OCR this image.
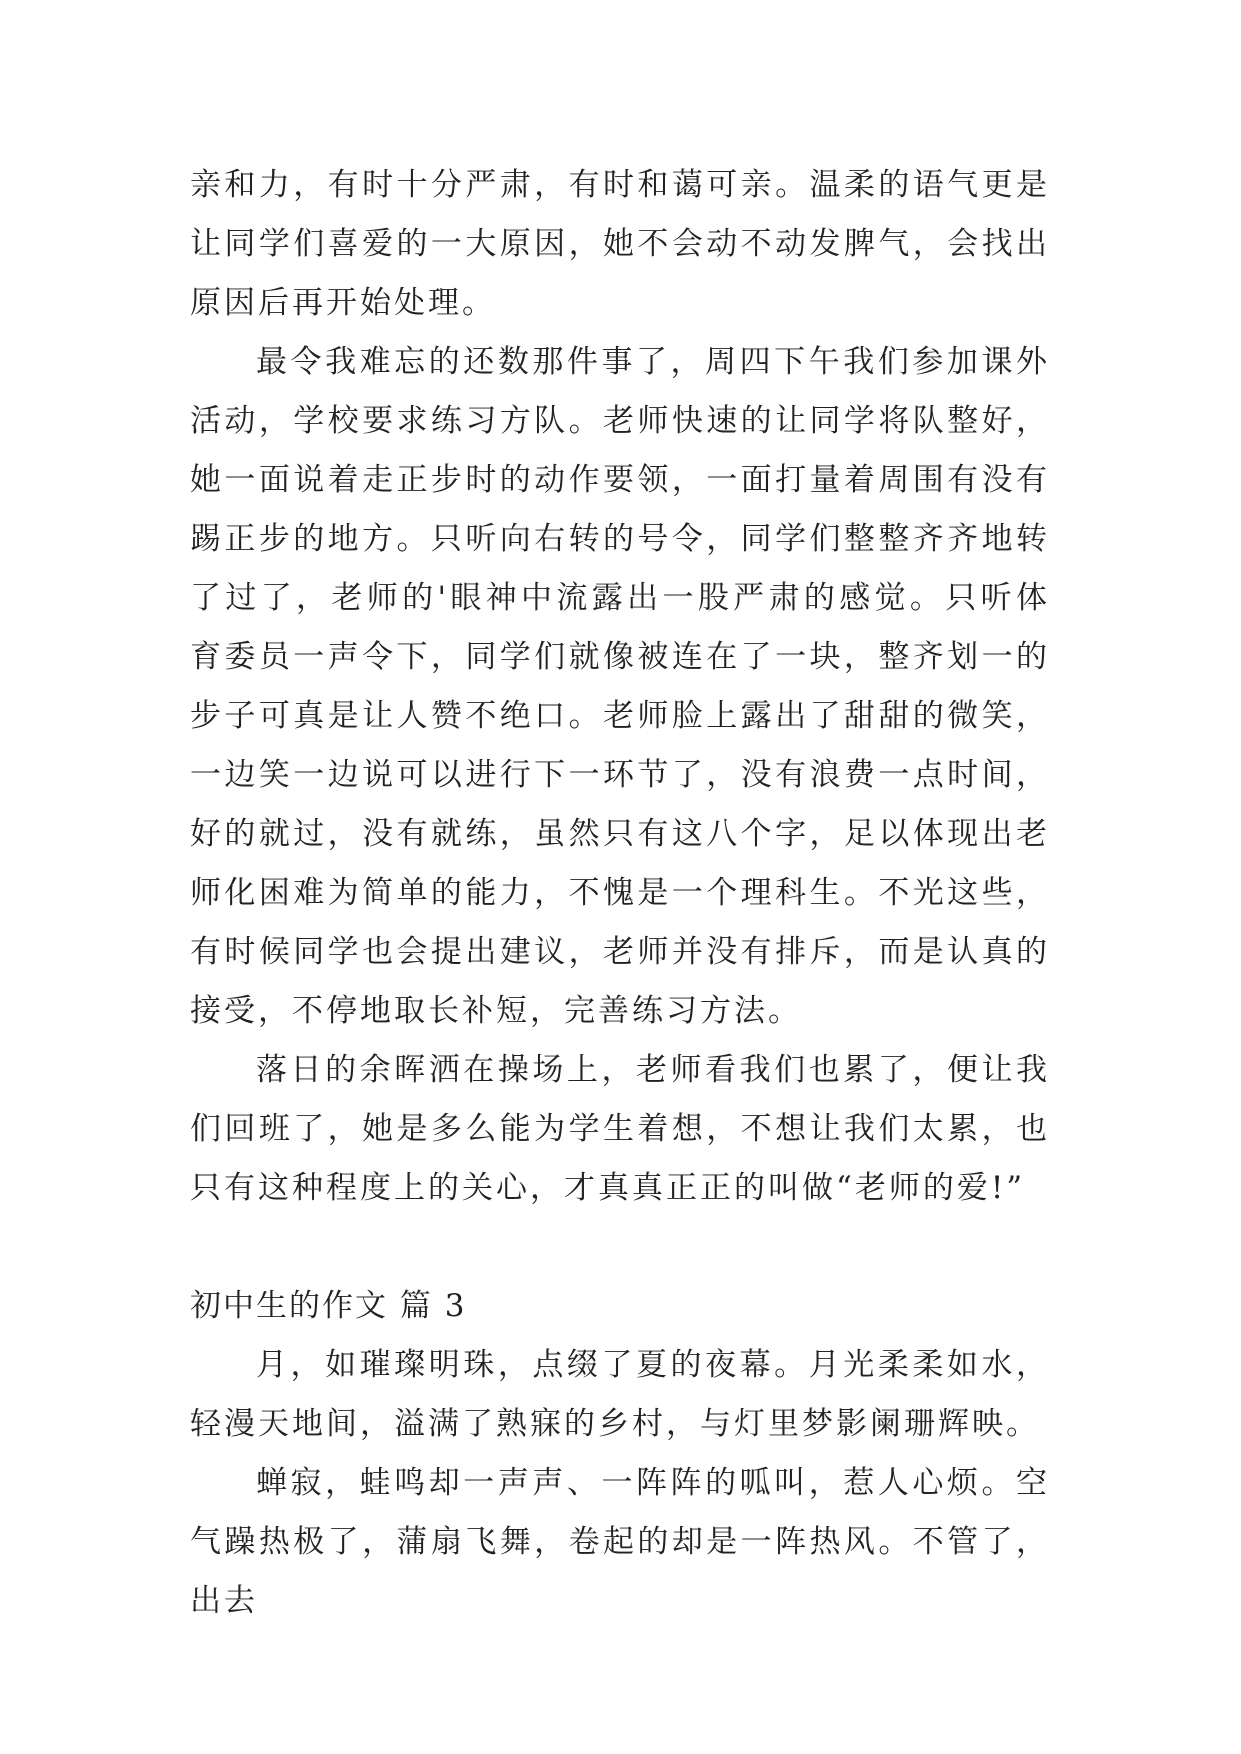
亲和力，有时十分严肃，有时和蔼可亲。温柔的语气更是让同学们喜爱的一大原因，她不会动不动发脾气，会找出原因后再开始处理。

最令我难忘的还数那件事了，周四下午我们参加课外活动，学校要求练习方队。老师快速的让同学将队整好，她一面说着走正步时的动作要领，一面打量着周围有没有踢正步的地方。只听向右转的号令，同学们整整齐齐地转了过了，老师的'眼神中流露出一股严肃的感觉。只听体育委员一声令下，同学们就像被连在了一块，整齐划一的步子可真是让人赞不绝口。老师脸上露出了甜甜的微笑，一边笑一边说可以进行下一环节了，没有浪费一点时间，好的就过，没有就练，虽然只有这八个字，足以体现出老师化困难为简单的能力，不愧是一个理科生。不光这些，有时候同学也会提出建议，老师并没有排斥，而是认真的接受，不停地取长补短，完善练习方法。

落日的余晖洒在操场上，老师看我们也累了，便让我们回班了，她是多么能为学生着想，不想让我们太累，也只有这种程度上的关心，才真真正正的叫做“老师的爱!”

初中生的作文 篇 3

月，如璀璨明珠，点缀了夏的夜幕。月光柔柔如水，轻漫天地间，溢满了熟寐的乡村，与灯里梦影阑珊辉映。

蝉寂，蛙鸣却一声声、一阵阵的呱叫，惹人心烦。空气躁热极了，蒲扇飞舞，卷起的却是一阵热风。不管了，出去
